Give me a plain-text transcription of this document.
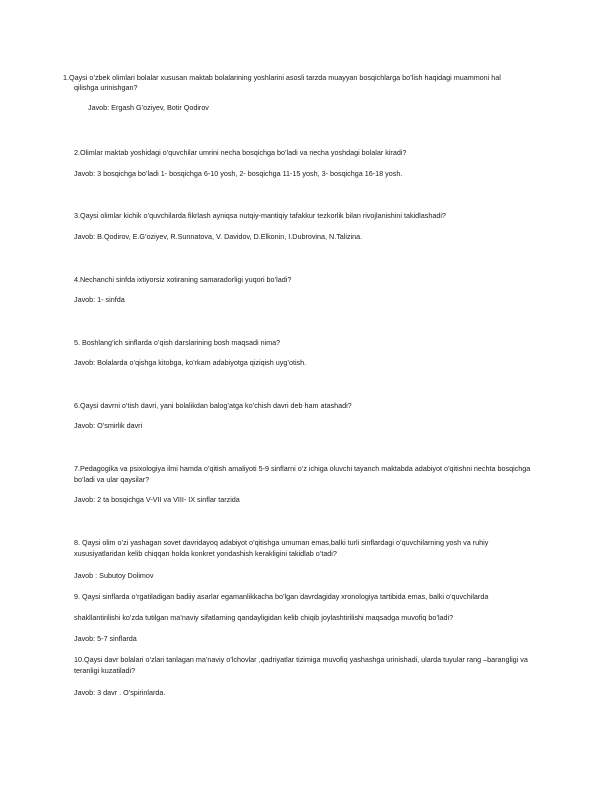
1.Qaysi o’zbek olimlari bolalar xususan maktab bolalarining yoshlarini asosli tarzda muayyan bosqichlarga bo’lish haqidagi muammoni hal
qilishga urinishgan?
Javob: Ergash G’oziyev, Botir Qodirov
2.Olimlar maktab yoshidagi o’quvchilar umrini necha bosqichga bo’ladi va necha yoshdagi bolalar kiradi?
Javob: 3 bosqichga bo’ladi 1- bosqichga 6-10 yosh, 2- bosqichga 11-15 yosh, 3- bosqichga 16-18 yosh.
3.Qaysi olimlar kichik o’quvchilarda fikrlash ayniqsa nutqiy-mantiqiy tafakkur tezkorlik bilan rivojlanishini takidlashadi?
Javob: B.Qodirov, E.G’oziyev, R.Sunnatova, V. Davidov, D.Elkonin, I.Dubrovina, N.Talizina.
4.Nechanchi sinfda ixtiyorsiz xotiraning samaradorligi yuqori bo’ladi?
Javob: 1- sinfda
5. Boshlang’ich sinflarda o’qish darslarining bosh maqsadi nima?
Javob: Bolalarda o’qishga kitobga, ko’rkam adabiyotga qiziqish uyg’otish.
6.Qaysi davrni o’tish davri, yani bolalikdan balog’atga ko’chish davri deb ham atashadi?
Javob: O’smirlik davri
7.Pedagogika va psixologiya ilmi hamda o’qitish amaliyoti 5-9 sinflarni o’z ichiga oluvchi tayanch maktabda adabiyot o’qitishni nechta bosqichga
bo’ladi va ular qaysilar?
Javob: 2 ta bosqichga V-VII va VIII- IX sinflar tarzida
8. Qaysi olim o’zi yashagan sovet davridayoq adabiyot o’qitishga umuman emas,balki turli sinflardagi o’quvchilarning yosh va ruhiy
xususiyatlaridan kelib chiqqan holda konkret yondashish kerakligini takidlab o’tadi?
Javob : Subutoy Dolimov
9. Qaysi sinflarda o’rgatiladigan badiiy asarlar egamanlikkacha bo’lgan davrdagiday xronologiya tartibida emas, balki o’quvchilarda
shakllantirilishi ko’zda tutilgan ma’naviy sifatlarning qandayligidan kelib chiqib joylashtirilishi maqsadga muvofiq bo’ladi?
Javob: 5-7 sinflarda
10.Qaysi davr bolalari o’zlari tanlagan ma’naviy o’lchovlar ,qadriyatlar tizimiga muvofiq yashashga urinishadi, ularda tuyular rang –barangligi va
teranligi kuzatiladi?
Javob: 3 davr . O’spirinlarda.
